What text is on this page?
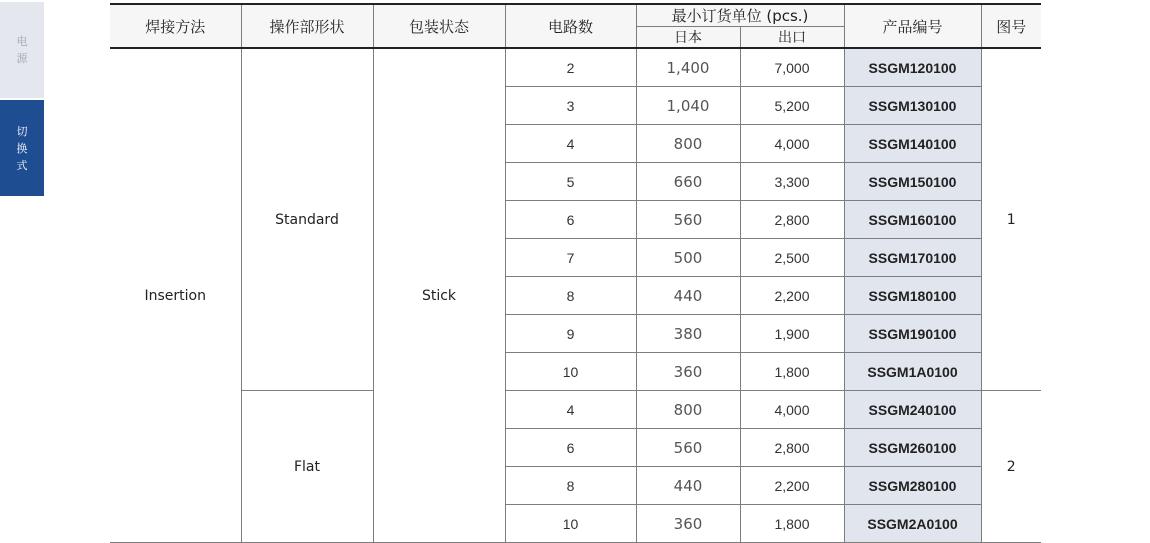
电
源
切
换
式
焊接方法	操作部形状	包装状态	电路数	最小订货单位 (pcs.)		产品编号	图号
				日本	出口		
Insertion	Standard	Stick	2	1,400	7,000	SSGM120100	1
			3	1,040	5,200	SSGM130100	
			4	800	4,000	SSGM140100	
			5	660	3,300	SSGM150100	
			6	560	2,800	SSGM160100	
			7	500	2,500	SSGM170100	
			8	440	2,200	SSGM180100	
			9	380	1,900	SSGM190100	
			10	360	1,800	SSGM1A0100	
	Flat		4	800	4,000	SSGM240100	2
			6	560	2,800	SSGM260100	
			8	440	2,200	SSGM280100	
			10	360	1,800	SSGM2A0100	
